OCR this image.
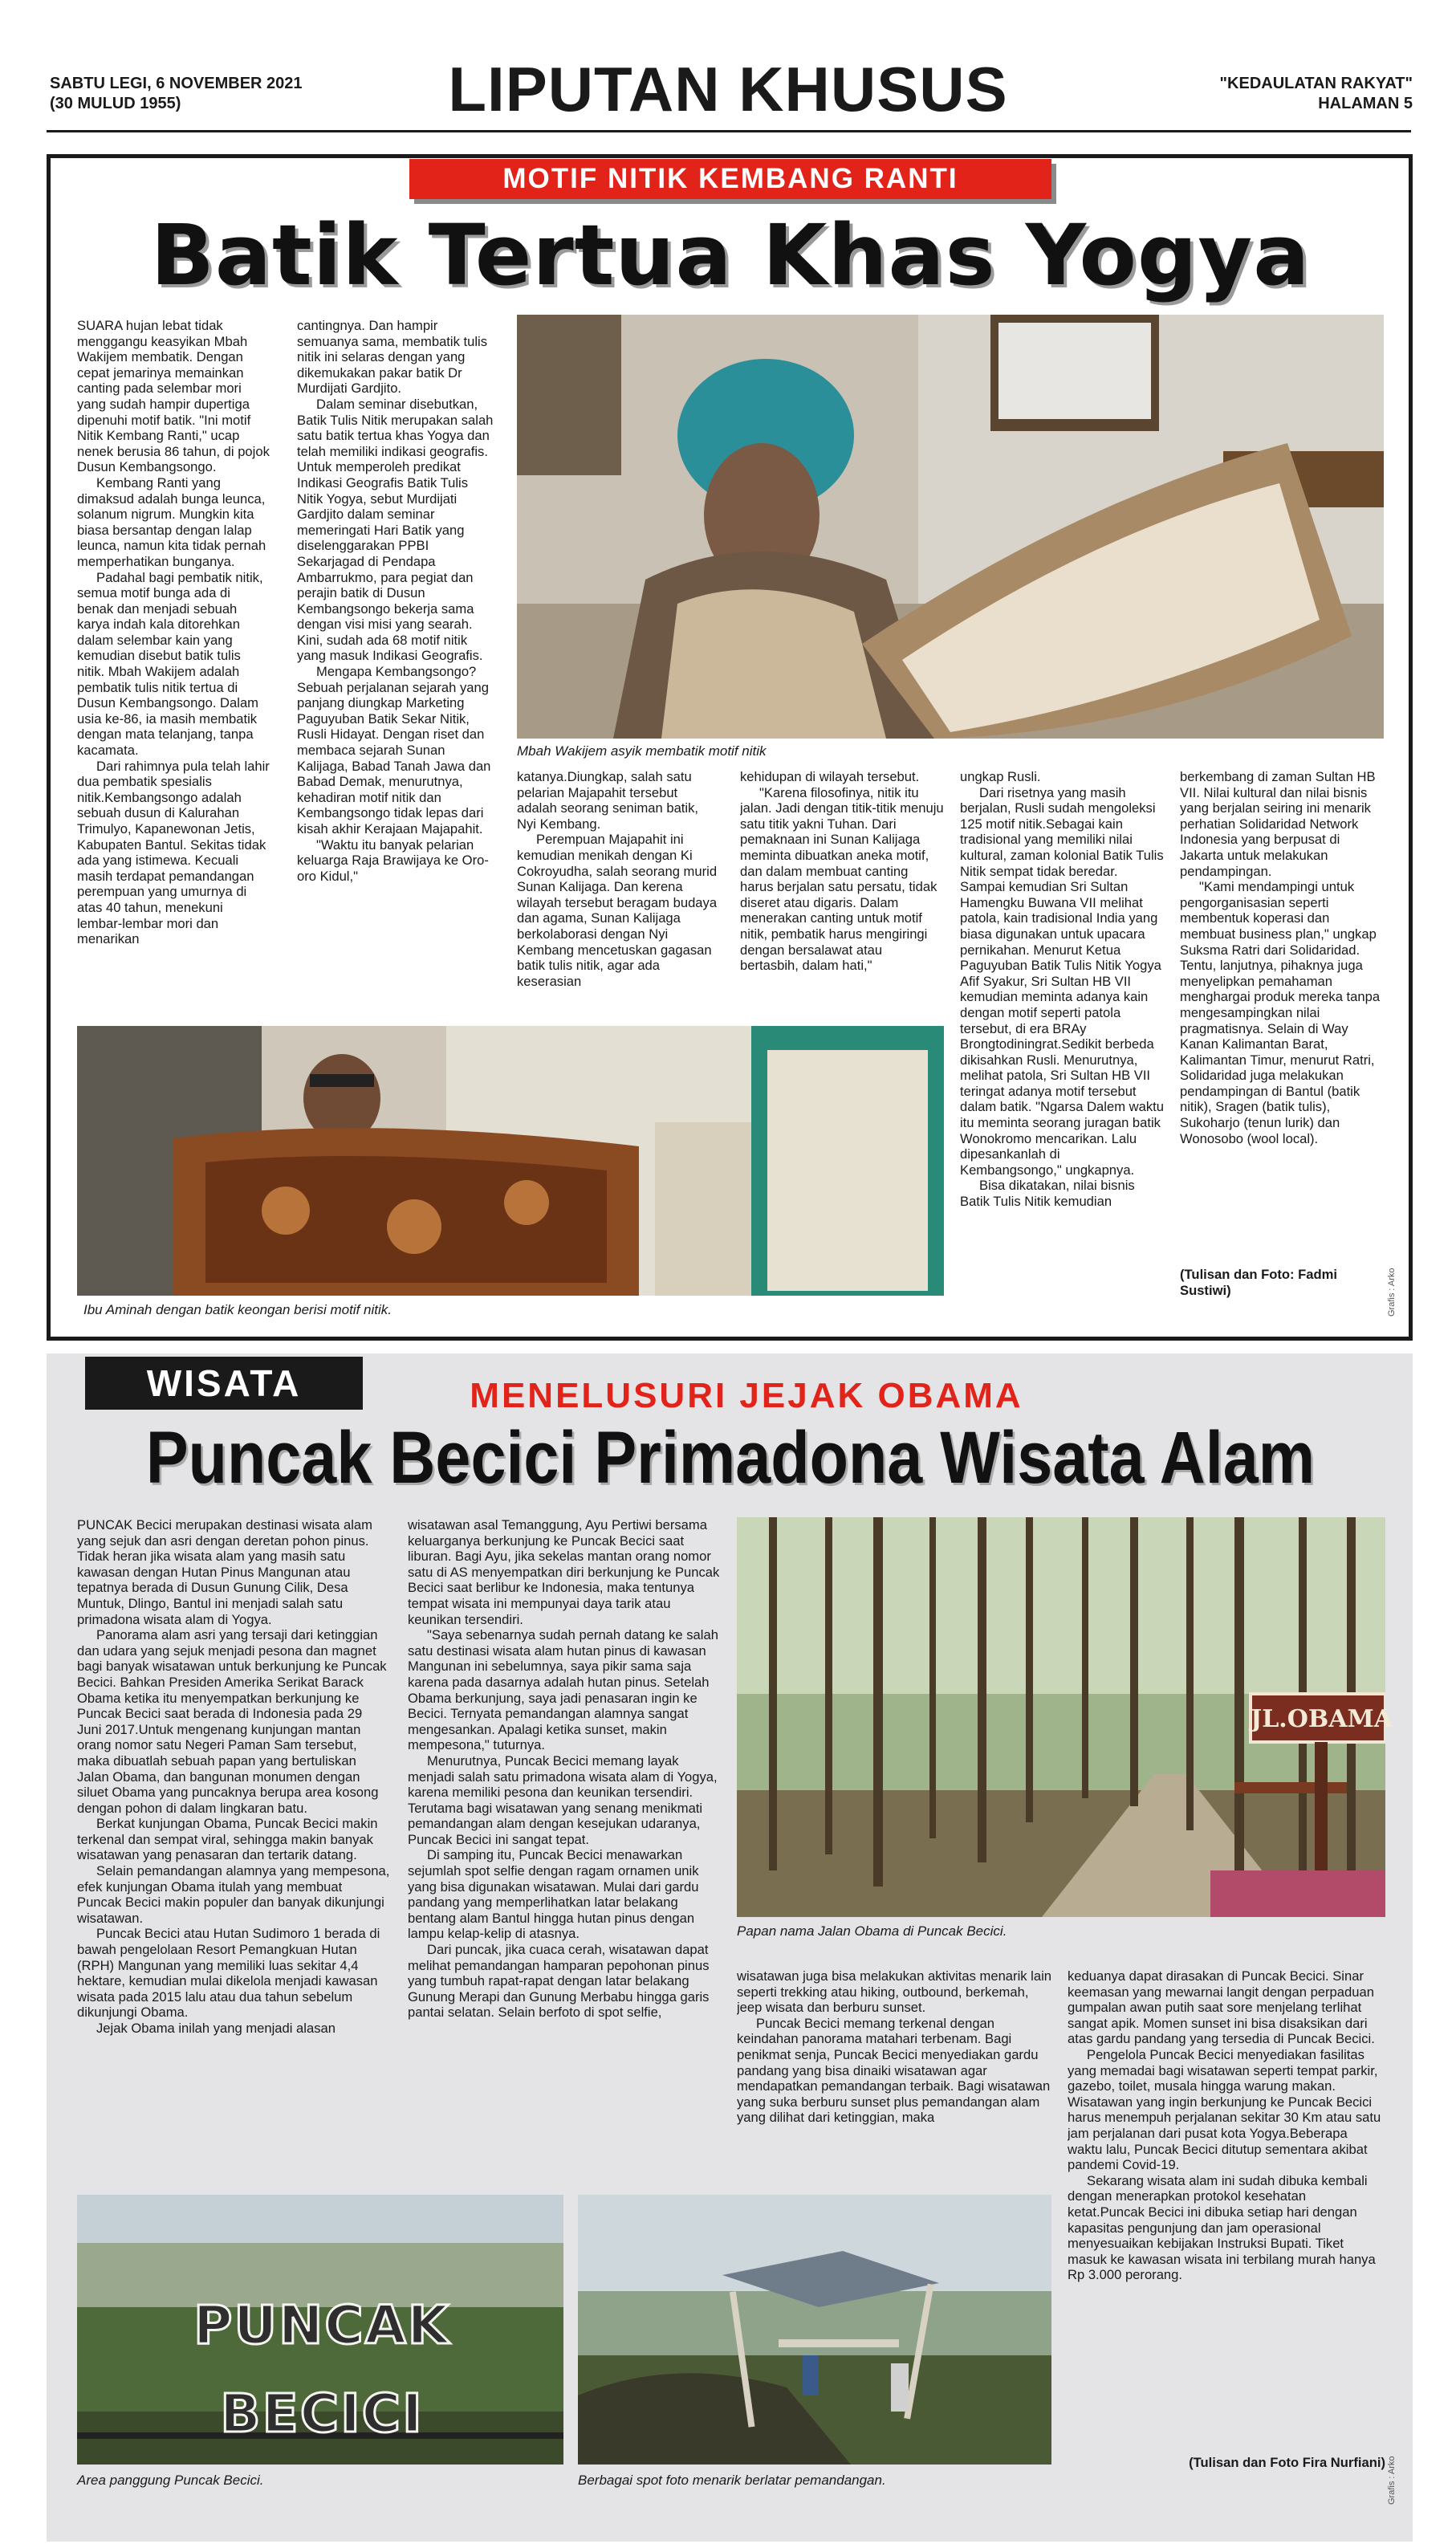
SABTU LEGI, 6 NOVEMBER 2021
(30 MULUD 1955)	LIPUTAN KHUSUS	"KEDAULATAN RAKYAT"
HALAMAN 5
MOTIF NITIK KEMBANG RANTI
Batik Tertua Khas Yogya
Mbah Wakijem asyik membatik motif nitik

SUARA hujan lebat tidak menggangu keasyikan Mbah Wakijem membatik. Dengan cepat jemarinya memainkan canting pada selembar mori yang sudah hampir dupertiga dipenuhi motif batik. "Ini motif Nitik Kembang Ranti," ucap nenek berusia 86 tahun, di pojok Dusun Kembangsongo.

Kembang Ranti yang dimaksud adalah bunga leunca, solanum nigrum. Mungkin kita biasa bersantap dengan lalap leunca, namun kita tidak pernah memperhatikan bunganya.

Padahal bagi pembatik nitik, semua motif bunga ada di benak dan menjadi sebuah karya indah kala ditorehkan dalam selembar kain yang kemudian disebut batik tulis nitik. Mbah Wakijem adalah pembatik tulis nitik tertua di Dusun Kembangsongo. Dalam usia ke-86, ia masih membatik dengan mata telanjang, tanpa kacamata.

Dari rahimnya pula telah lahir dua pembatik spesialis nitik.Kembangsongo adalah sebuah dusun di Kalurahan Trimulyo, Kapanewonan Jetis, Kabupaten Bantul. Sekitas tidak ada yang istimewa. Kecuali masih terdapat pemandangan perempuan yang umurnya di atas 40 tahun, menekuni lembar-lembar mori dan menarikan

cantingnya. Dan hampir semuanya sama, membatik tulis nitik ini selaras dengan yang dikemukakan pakar batik Dr Murdijati Gardjito.

Dalam seminar disebutkan, Batik Tulis Nitik merupakan salah satu batik tertua khas Yogya dan telah memiliki indikasi geografis. Untuk memperoleh predikat Indikasi Geografis Batik Tulis Nitik Yogya, sebut Murdijati Gardjito dalam seminar memeringati Hari Batik yang diselenggarakan PPBI Sekarjagad di Pendapa Ambarrukmo, para pegiat dan perajin batik di Dusun Kembangsongo bekerja sama dengan visi misi yang searah. Kini, sudah ada 68 motif nitik yang masuk Indikasi Geografis.

Mengapa Kembangsongo? Sebuah perjalanan sejarah yang panjang diungkap Marketing Paguyuban Batik Sekar Nitik, Rusli Hidayat. Dengan riset dan membaca sejarah Sunan Kalijaga, Babad Tanah Jawa dan Babad Demak, menurutnya, kehadiran motif nitik dan Kembangsongo tidak lepas dari kisah akhir Kerajaan Majapahit.

"Waktu itu banyak pelarian keluarga Raja Brawijaya ke Oro-oro Kidul,"

katanya.Diungkap, salah satu pelarian Majapahit tersebut adalah seorang seniman batik, Nyi Kembang.

Perempuan Majapahit ini kemudian menikah dengan Ki Cokroyudha, salah seorang murid Sunan Kalijaga. Dan kerena wilayah tersebut beragam budaya dan agama, Sunan Kalijaga berkolaborasi dengan Nyi Kembang mencetuskan gagasan batik tulis nitik, agar ada keserasian

kehidupan di wilayah tersebut.

"Karena filosofinya, nitik itu jalan. Jadi dengan titik-titik menuju satu titik yakni Tuhan. Dari pemaknaan ini Sunan Kalijaga meminta dibuatkan aneka motif, dan dalam membuat canting harus berjalan satu persatu, tidak diseret atau digaris. Dalam menerakan canting untuk motif nitik, pembatik harus mengiringi dengan bersalawat atau bertasbih, dalam hati,"

ungkap Rusli.

Dari risetnya yang masih berjalan, Rusli sudah mengoleksi 125 motif nitik.Sebagai kain tradisional yang memiliki nilai kultural, zaman kolonial Batik Tulis Nitik sempat tidak beredar. Sampai kemudian Sri Sultan Hamengku Buwana VII melihat patola, kain tradisional India yang biasa digunakan untuk upacara pernikahan. Menurut Ketua Paguyuban Batik Tulis Nitik Yogya Afif Syakur, Sri Sultan HB VII kemudian meminta adanya kain dengan motif seperti patola tersebut, di era BRAy Brongtodiningrat.Sedikit berbeda dikisahkan Rusli. Menurutnya, melihat patola, Sri Sultan HB VII teringat adanya motif tersebut dalam batik. "Ngarsa Dalem waktu itu meminta seorang juragan batik Wonokromo mencarikan. Lalu dipesankanlah di Kembangsongo," ungkapnya.

Bisa dikatakan, nilai bisnis Batik Tulis Nitik kemudian

berkembang di zaman Sultan HB VII. Nilai kultural dan nilai bisnis yang berjalan seiring ini menarik perhatian Solidaridad Network Indonesia yang berpusat di Jakarta untuk melakukan pendampingan.

"Kami mendampingi untuk pengorganisasian seperti membentuk koperasi dan membuat business plan," ungkap Suksma Ratri dari Solidaridad. Tentu, lanjutnya, pihaknya juga menyelipkan pemahaman menghargai produk mereka tanpa mengesampingkan nilai pragmatisnya. Selain di Way Kanan Kalimantan Barat, Kalimantan Timur, menurut Ratri, Solidaridad juga melakukan pendampingan di Bantul (batik nitik), Sragen (batik tulis), Sukoharjo (tenun lurik) dan Wonosobo (wool local).

(Tulisan dan Foto: Fadmi Sustiwi)	Grafis : Arko
Ibu Aminah dengan batik keongan berisi motif nitik.
WISATA	MENELUSURI JEJAK OBAMA
Puncak Becici Primadona Wisata Alam
JL.OBAMA
Papan nama Jalan Obama di Puncak Becici.

PUNCAK Becici merupakan destinasi wisata alam yang sejuk dan asri dengan deretan pohon pinus. Tidak heran jika wisata alam yang masih satu kawasan dengan Hutan Pinus Mangunan atau tepatnya berada di Dusun Gunung Cilik, Desa Muntuk, Dlingo, Bantul ini menjadi salah satu primadona wisata alam di Yogya.

Panorama alam asri yang tersaji dari ketinggian dan udara yang sejuk menjadi pesona dan magnet bagi banyak wisatawan untuk berkunjung ke Puncak Becici. Bahkan Presiden Amerika Serikat Barack Obama ketika itu menyempatkan berkunjung ke Puncak Becici saat berada di Indonesia pada 29 Juni 2017.Untuk mengenang kunjungan mantan orang nomor satu Negeri Paman Sam tersebut, maka dibuatlah sebuah papan yang bertuliskan Jalan Obama, dan bangunan monumen dengan siluet Obama yang puncaknya berupa area kosong dengan pohon di dalam lingkaran batu.

Berkat kunjungan Obama, Puncak Becici makin terkenal dan sempat viral, sehingga makin banyak wisatawan yang penasaran dan tertarik datang.

Selain pemandangan alamnya yang mempesona, efek kunjungan Obama itulah yang membuat Puncak Becici makin populer dan banyak dikunjungi wisatawan.

Puncak Becici atau Hutan Sudimoro 1 berada di bawah pengelolaan Resort Pemangkuan Hutan (RPH) Mangunan yang memiliki luas sekitar 4,4 hektare, kemudian mulai dikelola menjadi kawasan wisata pada 2015 lalu atau dua tahun sebelum dikunjungi Obama.

Jejak Obama inilah yang menjadi alasan

wisatawan asal Temanggung, Ayu Pertiwi bersama keluarganya berkunjung ke Puncak Becici saat liburan. Bagi Ayu, jika sekelas mantan orang nomor satu di AS menyempatkan diri berkunjung ke Puncak Becici saat berlibur ke Indonesia, maka tentunya tempat wisata ini mempunyai daya tarik atau keunikan tersendiri.

"Saya sebenarnya sudah pernah datang ke salah satu destinasi wisata alam hutan pinus di kawasan Mangunan ini sebelumnya, saya pikir sama saja karena pada dasarnya adalah hutan pinus. Setelah Obama berkunjung, saya jadi penasaran ingin ke Becici. Ternyata pemandangan alamnya sangat mengesankan. Apalagi ketika sunset, makin mempesona," tuturnya.

Menurutnya, Puncak Becici memang layak menjadi salah satu primadona wisata alam di Yogya, karena memiliki pesona dan keunikan tersendiri. Terutama bagi wisatawan yang senang menikmati pemandangan alam dengan kesejukan udaranya, Puncak Becici ini sangat tepat.

Di samping itu, Puncak Becici menawarkan sejumlah spot selfie dengan ragam ornamen unik yang bisa digunakan wisatawan. Mulai dari gardu pandang yang memperlihatkan latar belakang bentang alam Bantul hingga hutan pinus dengan lampu kelap-kelip di atasnya.

Dari puncak, jika cuaca cerah, wisatawan dapat melihat pemandangan hamparan pepohonan pinus yang tumbuh rapat-rapat dengan latar belakang Gunung Merapi dan Gunung Merbabu hingga garis pantai selatan. Selain berfoto di spot selfie,

wisatawan juga bisa melakukan aktivitas menarik lain seperti trekking atau hiking, outbound, berkemah, jeep wisata dan berburu sunset.

Puncak Becici memang terkenal dengan keindahan panorama matahari terbenam. Bagi penikmat senja, Puncak Becici menyediakan gardu pandang yang bisa dinaiki wisatawan agar mendapatkan pemandangan terbaik. Bagi wisatawan yang suka berburu sunset plus pemandangan alam yang dilihat dari ketinggian, maka

keduanya dapat dirasakan di Puncak Becici. Sinar keemasan yang mewarnai langit dengan perpaduan gumpalan awan putih saat sore menjelang terlihat sangat apik. Momen sunset ini bisa disaksikan dari atas gardu pandang yang tersedia di Puncak Becici.

Pengelola Puncak Becici menyediakan fasilitas yang memadai bagi wisatawan seperti tempat parkir, gazebo, toilet, musala hingga warung makan. Wisatawan yang ingin berkunjung ke Puncak Becici harus menempuh perjalanan sekitar 30 Km atau satu jam perjalanan dari pusat kota Yogya.Beberapa waktu lalu, Puncak Becici ditutup sementara akibat pandemi Covid-19.

Sekarang wisata alam ini sudah dibuka kembali dengan menerapkan protokol kesehatan ketat.Puncak Becici ini dibuka setiap hari dengan kapasitas pengunjung dan jam operasional menyesuaikan kebijakan Instruksi Bupati. Tiket masuk ke kawasan wisata ini terbilang murah hanya Rp 3.000 perorang.

(Tulisan dan Foto Fira Nurfiani) Grafis : Arko
PUNCAK BECICI
Area panggung Puncak Becici.	Berbagai spot foto menarik berlatar pemandangan.
